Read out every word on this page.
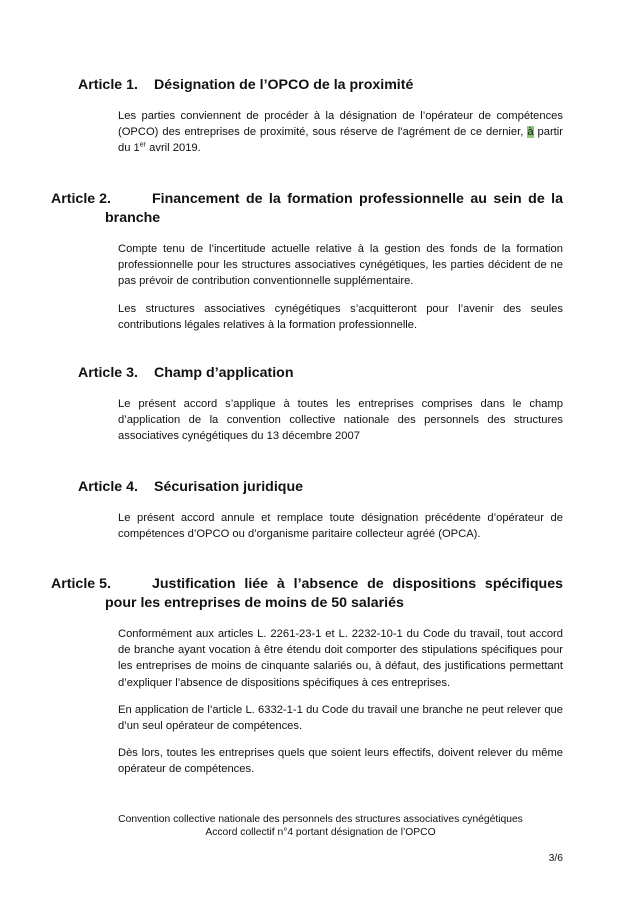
Article 1. Désignation de l’OPCO de la proximité

Les parties conviennent de procéder à la désignation de l’opérateur de compétences (OPCO) des entreprises de proximité, sous réserve de l’agrément de ce dernier, à partir du 1er avril 2019.

Article 2.	Financement de la formation professionnelle au sein de la branche

Compte tenu de l’incertitude actuelle relative à la gestion des fonds de la formation professionnelle pour les structures associatives cynégétiques, les parties décident de ne pas prévoir de contribution conventionnelle supplémentaire.

Les structures associatives cynégétiques s’acquitteront pour l’avenir des seules contributions légales relatives à la formation professionnelle.

Article 3. Champ d’application

Le présent accord s’applique à toutes les entreprises comprises dans le champ d’application de la convention collective nationale des personnels des structures associatives cynégétiques du 13 décembre 2007

Article 4. Sécurisation juridique

Le présent accord annule et remplace toute désignation précédente d’opérateur de compétences d’OPCO ou d’organisme paritaire collecteur agréé (OPCA).

Article 5.	Justification liée à l’absence de dispositions spécifiques pour les entreprises de moins de 50 salariés

Conformément aux articles L. 2261-23-1 et L. 2232-10-1 du Code du travail, tout accord de branche ayant vocation à être étendu doit comporter des stipulations spécifiques pour les entreprises de moins de cinquante salariés ou, à défaut, des justifications permettant d’expliquer l’absence de dispositions spécifiques à ces entreprises.

En application de l’article L. 6332-1-1 du Code du travail une branche ne peut relever que d’un seul opérateur de compétences.

Dès lors, toutes les entreprises quels que soient leurs effectifs, doivent relever du même opérateur de compétences.

Convention collective nationale des personnels des structures associatives cynégétiques
Accord collectif n°4 portant désignation de l’OPCO
3/6
